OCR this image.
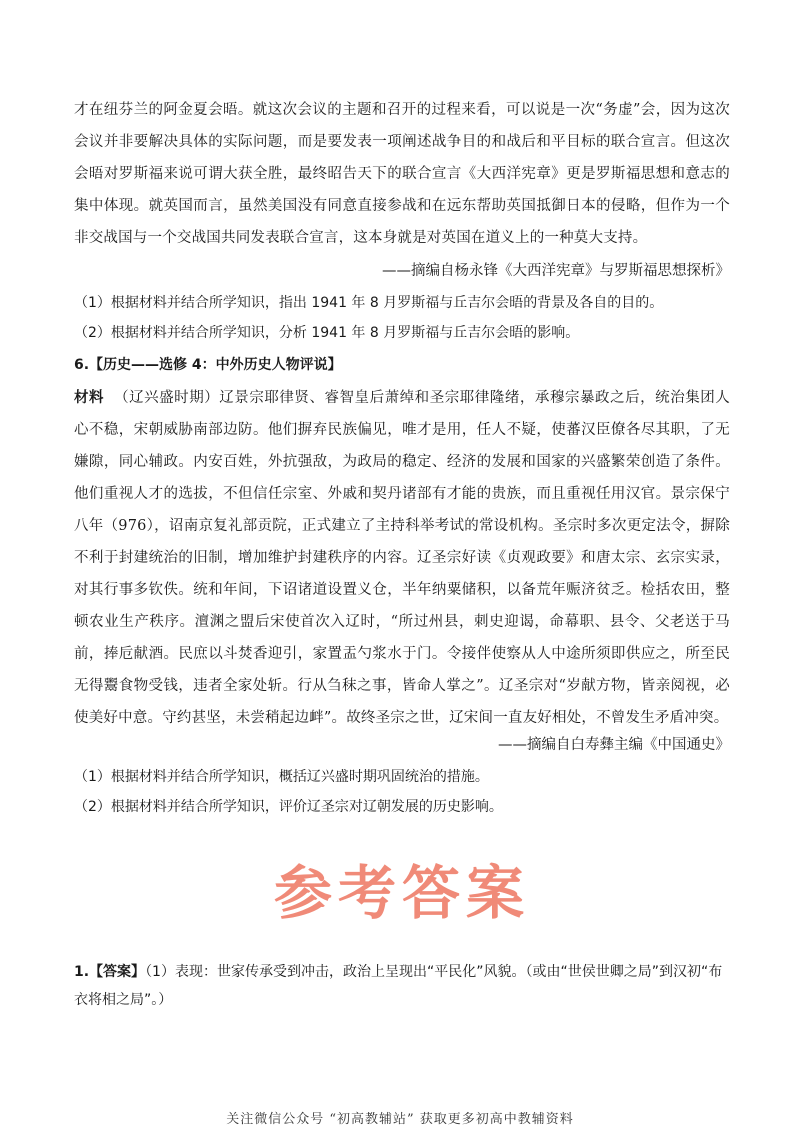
才在纽芬兰的阿金夏会晤。就这次会议的主题和召开的过程来看，可以说是一次“务虚”会，因为这次会议并非要解决具体的实际问题，而是要发表一项阐述战争目的和战后和平目标的联合宣言。但这次会晤对罗斯福来说可谓大获全胜，最终昭告天下的联合宣言《大西洋宪章》更是罗斯福思想和意志的集中体现。就英国而言，虽然美国没有同意直接参战和在远东帮助英国抵御日本的侵略，但作为一个非交战国与一个交战国共同发表联合宣言，这本身就是对英国在道义上的一种莫大支持。

——摘编自杨永锋《大西洋宪章》与罗斯福思想探析》

（1）根据材料并结合所学知识，指出 1941 年 8 月罗斯福与丘吉尔会晤的背景及各自的目的。

（2）根据材料并结合所学知识，分析 1941 年 8 月罗斯福与丘吉尔会晤的影响。

6.【历史——选修 4：中外历史人物评说】

材料 （辽兴盛时期）辽景宗耶律贤、睿智皇后萧绰和圣宗耶律隆绪，承穆宗暴政之后，统治集团人心不稳，宋朝威胁南部边防。他们摒弃民族偏见，唯才是用，任人不疑，使蕃汉臣僚各尽其职，了无嫌隙，同心辅政。内安百姓，外抗强敌，为政局的稳定、经济的发展和国家的兴盛繁荣创造了条件。他们重视人才的选拔，不但信任宗室、外戚和契丹诸部有才能的贵族，而且重视任用汉官。景宗保宁八年（976），诏南京复礼部贡院，正式建立了主持科举考试的常设机构。圣宗时多次更定法令，摒除不利于封建统治的旧制，增加维护封建秩序的内容。辽圣宗好读《贞观政要》和唐太宗、玄宗实录，对其行事多钦佚。统和年间，下诏诸道设置义仓，半年纳粟储积，以备荒年赈济贫乏。检括农田，整顿农业生产秩序。澶渊之盟后宋使首次入辽时，“所过州县，刺史迎谒，命幕职、县令、父老送于马前，捧卮献酒。民庶以斗焚香迎引，家置盂勺浆水于门。令接伴使察从人中途所须即供应之，所至民无得鬻食物受钱，违者全家处斩。行从刍秣之事，皆命人掌之”。辽圣宗对“岁献方物，皆亲阅视，必使美好中意。守约甚坚，未尝稍起边衅”。故终圣宗之世，辽宋间一直友好相处，不曾发生矛盾冲突。

——摘编自白寿彝主编《中国通史》

（1）根据材料并结合所学知识，概括辽兴盛时期巩固统治的措施。

（2）根据材料并结合所学知识，评价辽圣宗对辽朝发展的历史影响。

参考答案

1.【答案】（1）表现：世家传承受到冲击，政治上呈现出“平民化”风貌。（或由“世侯世卿之局”到汉初“布衣将相之局”。）

关注微信公众号 “初高教辅站” 获取更多初高中教辅资料
